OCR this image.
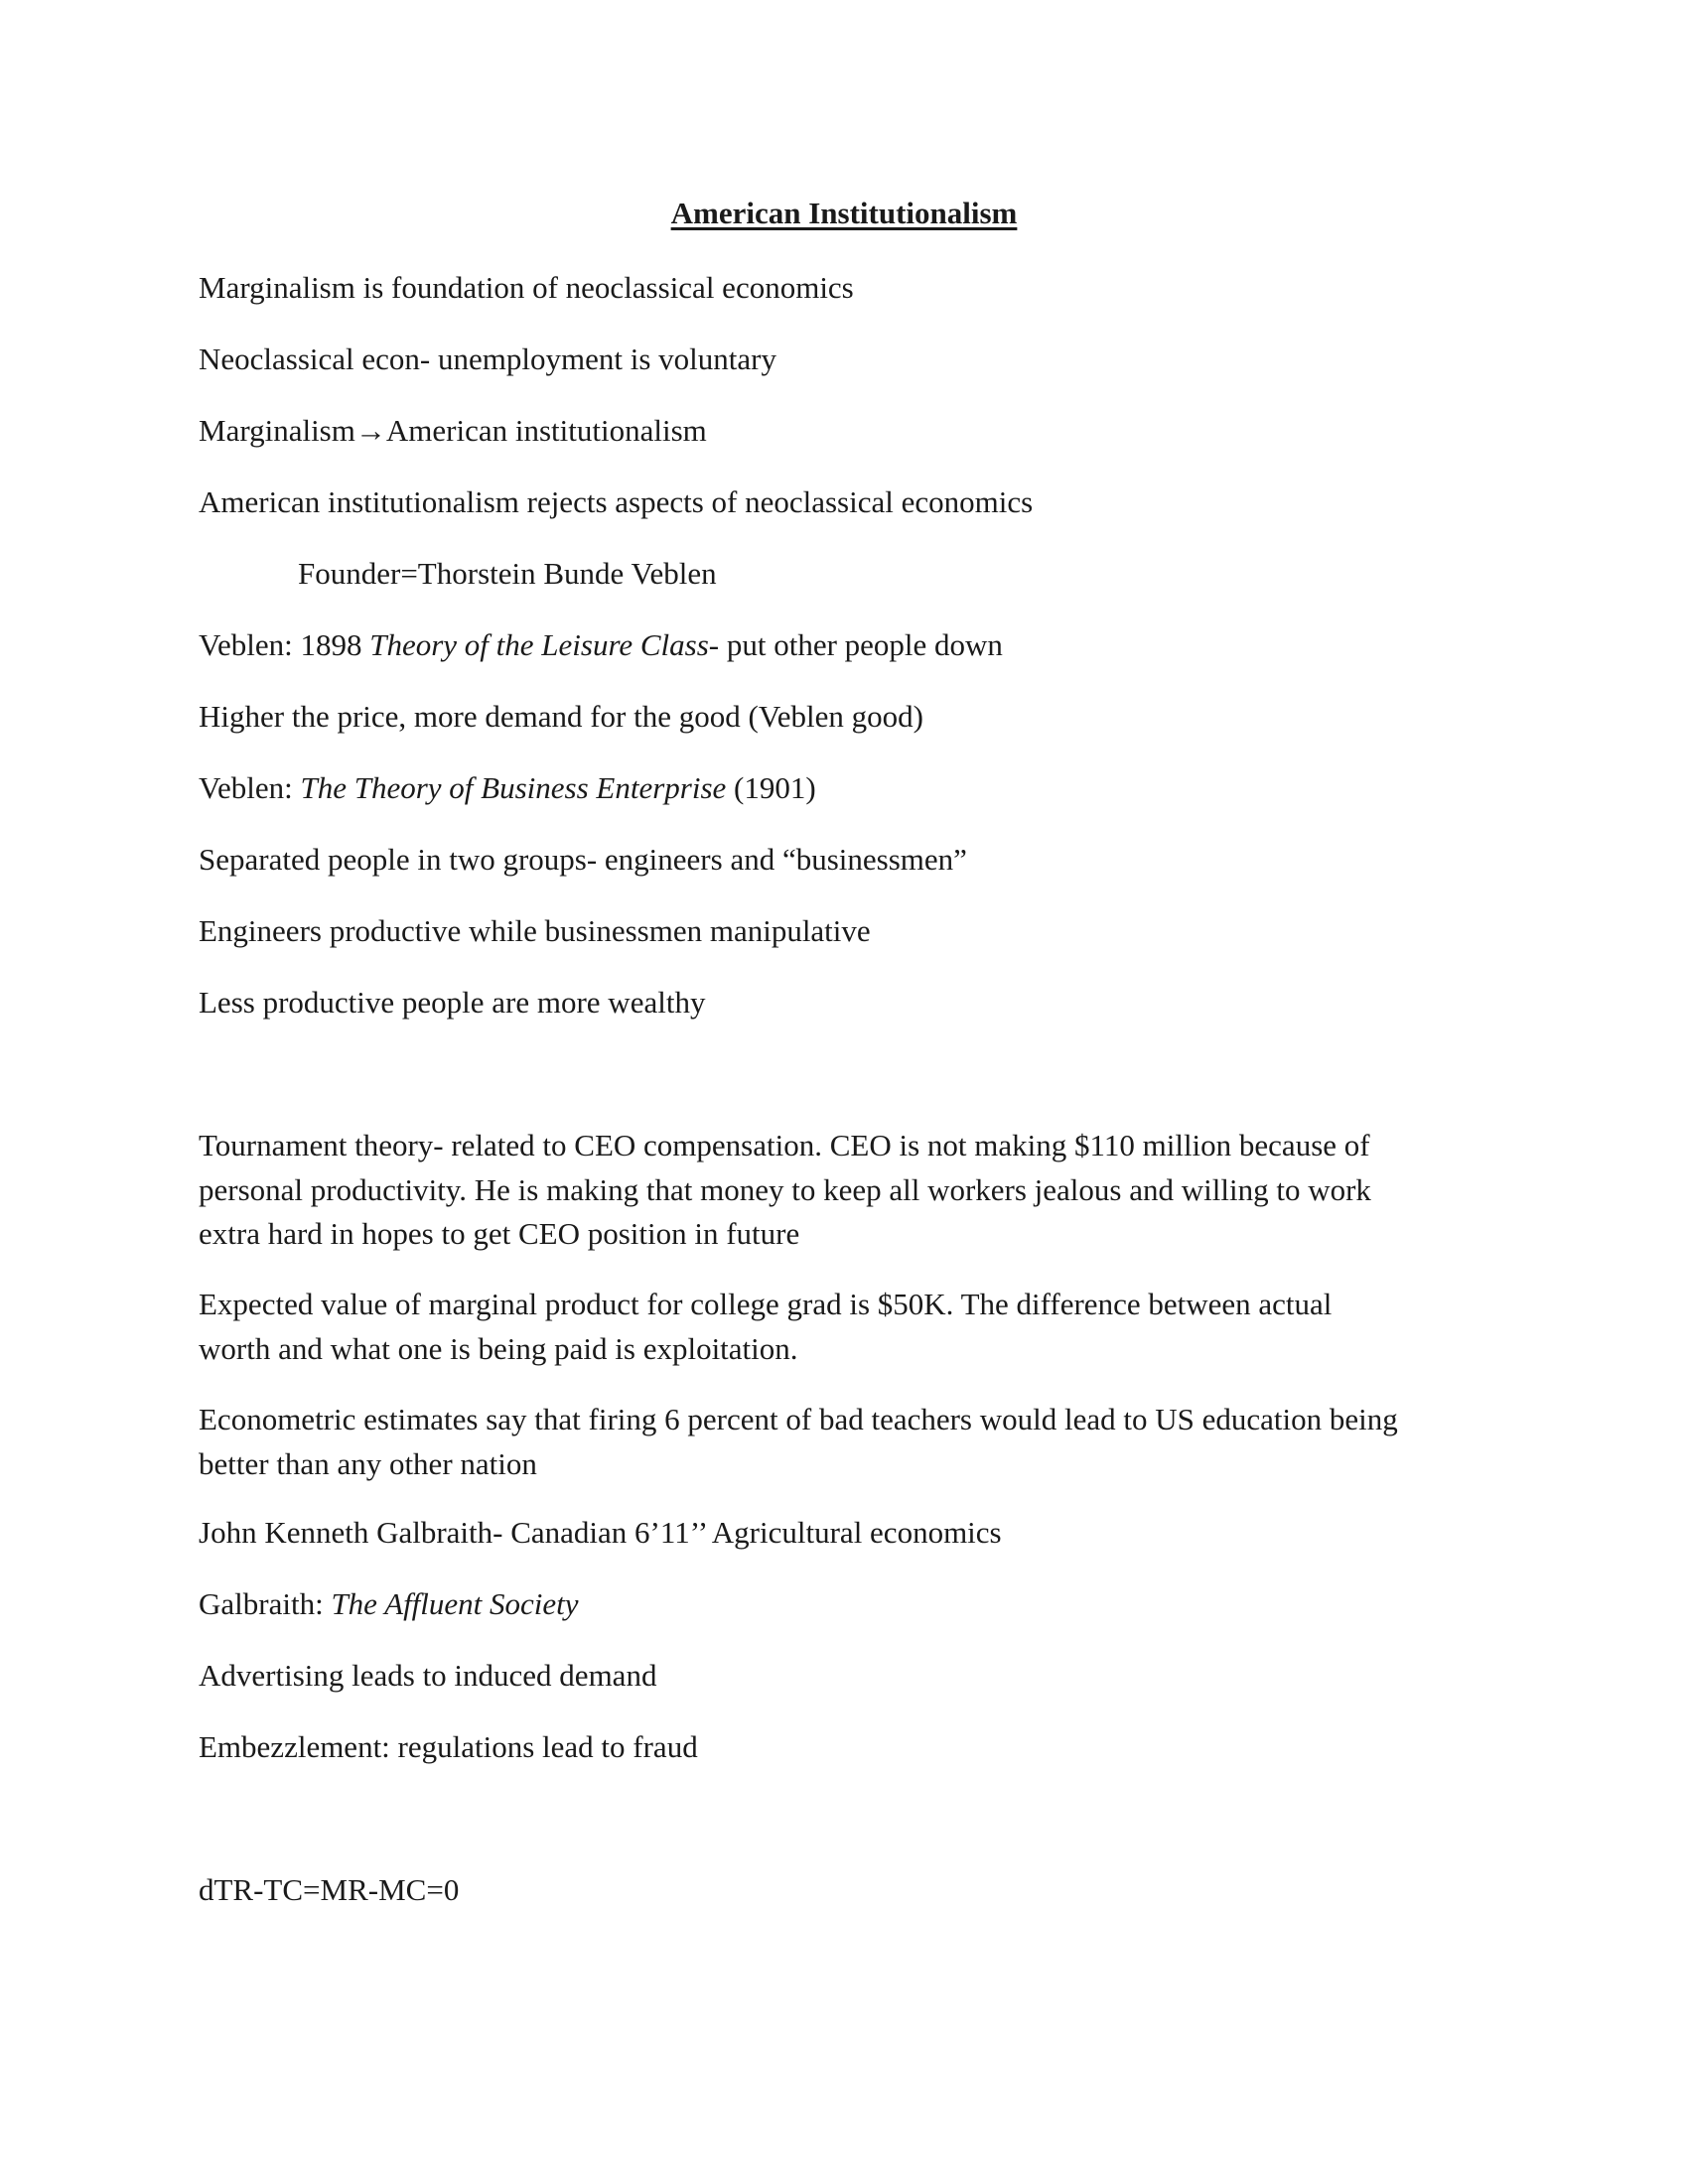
American Institutionalism
Marginalism is foundation of neoclassical economics
Neoclassical econ- unemployment is voluntary
Marginalism→American institutionalism
American institutionalism rejects aspects of neoclassical economics
Founder=Thorstein Bunde Veblen
Veblen: 1898 Theory of the Leisure Class- put other people down
Higher the price, more demand for the good (Veblen good)
Veblen: The Theory of Business Enterprise (1901)
Separated people in two groups- engineers and “businessmen”
Engineers productive while businessmen manipulative
Less productive people are more wealthy
Tournament theory- related to CEO compensation. CEO is not making $110 million because of
personal productivity. He is making that money to keep all workers jealous and willing to work
extra hard in hopes to get CEO position in future
Expected value of marginal product for college grad is $50K. The difference between actual
worth and what one is being paid is exploitation.
Econometric estimates say that firing 6 percent of bad teachers would lead to US education being
better than any other nation
John Kenneth Galbraith- Canadian 6’11’’ Agricultural economics
Galbraith: The Affluent Society
Advertising leads to induced demand
Embezzlement: regulations lead to fraud
dTR-TC=MR-MC=0
